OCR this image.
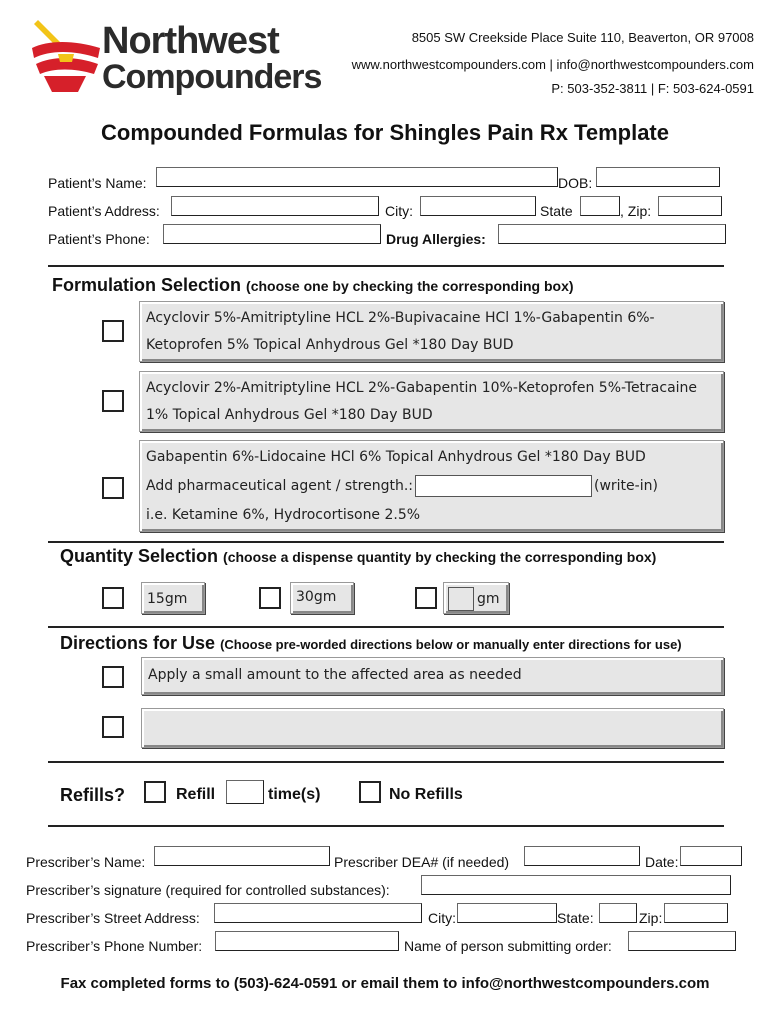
Northwest
Compounders
8505 SW Creekside Place Suite 110, Beaverton, OR 97008
www.northwestcompounders.com | info@northwestcompounders.com
P: 503-352-3811 | F: 503-624-0591
Compounded Formulas for Shingles Pain Rx Template
Patient’s Name:	DOB:
Patient’s Address:	City:	State	, Zip:
Patient’s Phone:	Drug Allergies:
Formulation Selection (choose one by checking the corresponding box)
Acyclovir 5%-Amitriptyline HCL 2%-Bupivacaine HCl 1%-Gabapentin 6%-
Ketoprofen 5% Topical Anhydrous Gel *180 Day BUD
Acyclovir 2%-Amitriptyline HCL 2%-Gabapentin 10%-Ketoprofen 5%-Tetracaine
1% Topical Anhydrous Gel *180 Day BUD
Gabapentin 6%-Lidocaine HCl 6% Topical Anhydrous Gel *180 Day BUD
Add pharmaceutical agent / strength.:	(write-in)
i.e. Ketamine 6%, Hydrocortisone 2.5%
Quantity Selection (choose a dispense quantity by checking the corresponding box)
15gm	30gm	gm
Directions for Use (Choose pre-worded directions below or manually enter directions for use)
Apply a small amount to the affected area as needed
Refills?	Refill	time(s)	No Refills
Prescriber’s Name:	Prescriber DEA# (if needed)	Date:
Prescriber’s signature (required for controlled substances):
Prescriber’s Street Address:	City:	State:	Zip:
Prescriber’s Phone Number:	Name of person submitting order:
Fax completed forms to (503)-624-0591 or email them to info@northwestcompounders.com
